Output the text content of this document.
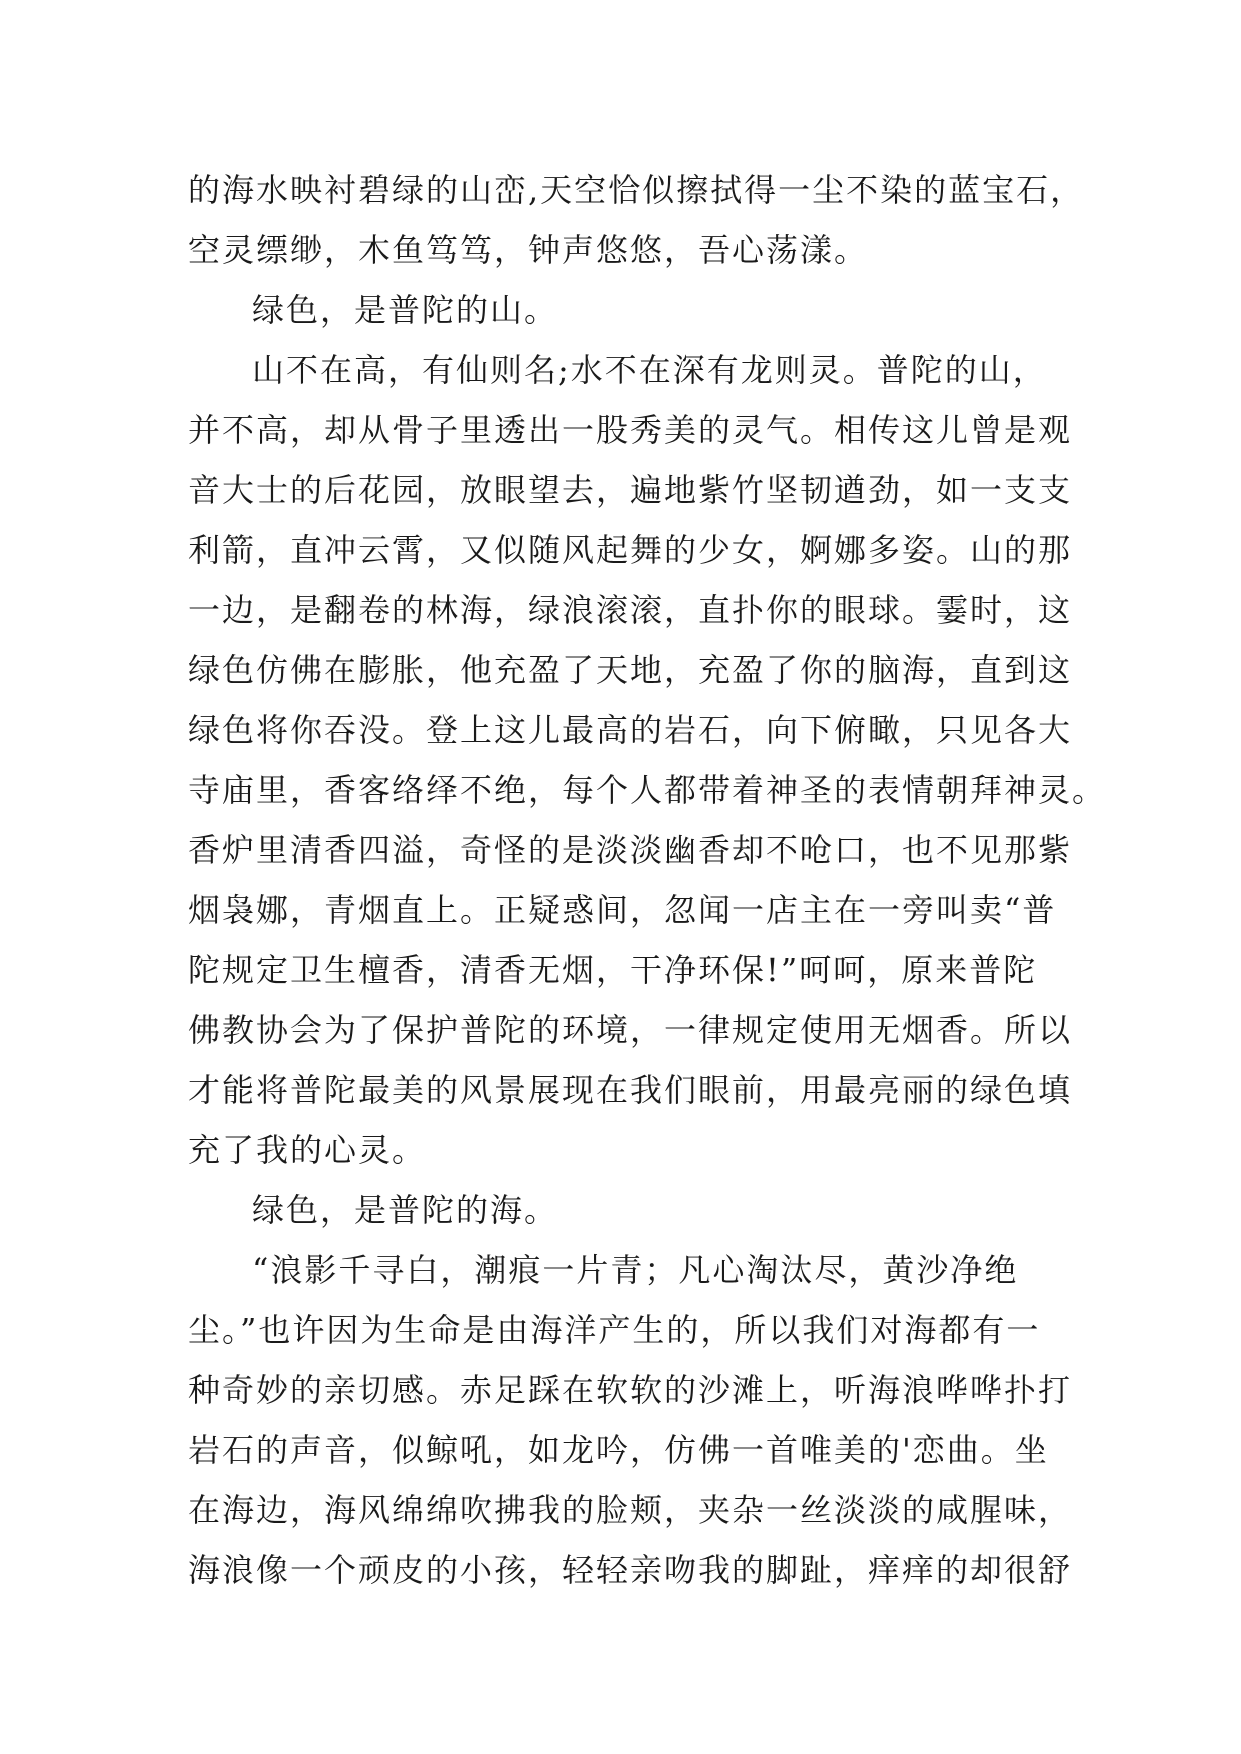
的海水映衬碧绿的山峦,天空恰似擦拭得一尘不染的蓝宝石，
空灵缥缈，木鱼笃笃，钟声悠悠，吾心荡漾。
绿色，是普陀的山。
山不在高，有仙则名;水不在深有龙则灵。普陀的山，
并不高，却从骨子里透出一股秀美的灵气。相传这儿曾是观
音大士的后花园，放眼望去，遍地紫竹坚韧遒劲，如一支支
利箭，直冲云霄，又似随风起舞的少女，婀娜多姿。山的那
一边，是翻卷的林海，绿浪滚滚，直扑你的眼球。霎时，这
绿色仿佛在膨胀，他充盈了天地，充盈了你的脑海，直到这
绿色将你吞没。登上这儿最高的岩石，向下俯瞰，只见各大
寺庙里，香客络绎不绝，每个人都带着神圣的表情朝拜神灵。
香炉里清香四溢，奇怪的是淡淡幽香却不呛口，也不见那紫
烟袅娜，青烟直上。正疑惑间，忽闻一店主在一旁叫卖“普
陀规定卫生檀香，清香无烟，干净环保!”呵呵，原来普陀
佛教协会为了保护普陀的环境，一律规定使用无烟香。所以
才能将普陀最美的风景展现在我们眼前，用最亮丽的绿色填
充了我的心灵。
绿色，是普陀的海。
“浪影千寻白，潮痕一片青；凡心淘汰尽，黄沙净绝
尘。”也许因为生命是由海洋产生的，所以我们对海都有一
种奇妙的亲切感。赤足踩在软软的沙滩上，听海浪哗哗扑打
岩石的声音，似鲸吼，如龙吟，仿佛一首唯美的'恋曲。坐
在海边，海风绵绵吹拂我的脸颊，夹杂一丝淡淡的咸腥味，
海浪像一个顽皮的小孩，轻轻亲吻我的脚趾，痒痒的却很舒
